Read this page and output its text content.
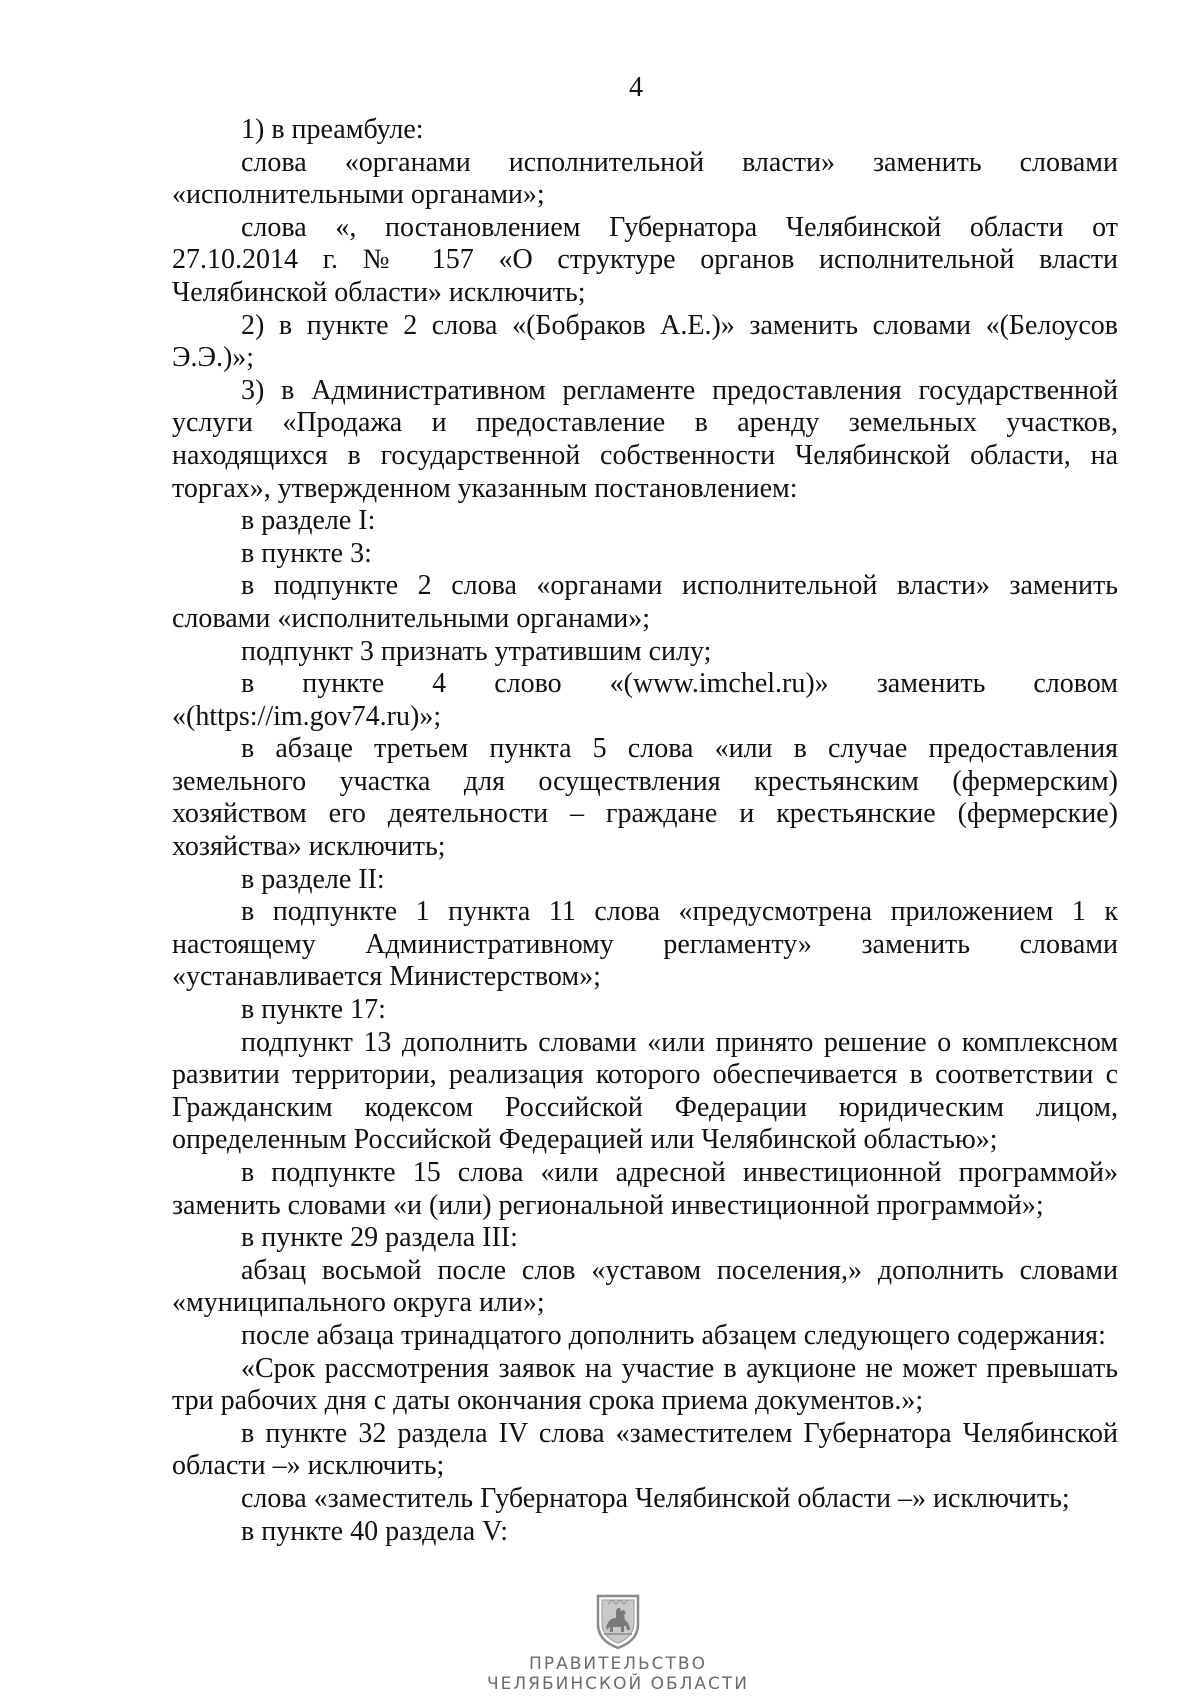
4

1) в преамбуле:

слова «органами исполнительной власти» заменить словами «исполнительными органами»;

слова «, постановлением Губернатора Челябинской области от 27.10.2014 г. № 157 «О структуре органов исполнительной власти Челябинской области» исключить;

2) в пункте 2 слова «(Бобраков А.Е.)» заменить словами «(Белоусов Э.Э.)»;

3) в Административном регламенте предоставления государственной услуги «Продажа и предоставление в аренду земельных участков, находящихся в государственной собственности Челябинской области, на торгах», утвержденном указанным постановлением:

в разделе I:

в пункте 3:

в подпункте 2 слова «органами исполнительной власти» заменить словами «исполнительными органами»;

подпункт 3 признать утратившим силу;

в пункте 4 слово «(www.imchel.ru)» заменить словом «(https://im.gov74.ru)»;

в абзаце третьем пункта 5 слова «или в случае предоставления земельного участка для осуществления крестьянским (фермерским) хозяйством его деятельности – граждане и крестьянские (фермерские) хозяйства» исключить;

в разделе II:

в подпункте 1 пункта 11 слова «предусмотрена приложением 1 к настоящему Административному регламенту» заменить словами «устанавливается Министерством»;

в пункте 17:

подпункт 13 дополнить словами «или принято решение о комплексном развитии территории, реализация которого обеспечивается в соответствии с Гражданским кодексом Российской Федерации юридическим лицом, определенным Российской Федерацией или Челябинской областью»;

в подпункте 15 слова «или адресной инвестиционной программой» заменить словами «и (или) региональной инвестиционной программой»;

в пункте 29 раздела III:

абзац восьмой после слов «уставом поселения,» дополнить словами «муниципального округа или»;

после абзаца тринадцатого дополнить абзацем следующего содержания:

«Срок рассмотрения заявок на участие в аукционе не может превышать три рабочих дня с даты окончания срока приема документов.»;

в пункте 32 раздела IV слова «заместителем Губернатора Челябинской области –» исключить;

слова «заместитель Губернатора Челябинской области –» исключить;

в пункте 40 раздела V:

ПРАВИТЕЛЬСТВО
ЧЕЛЯБИНСКОЙ ОБЛАСТИ
